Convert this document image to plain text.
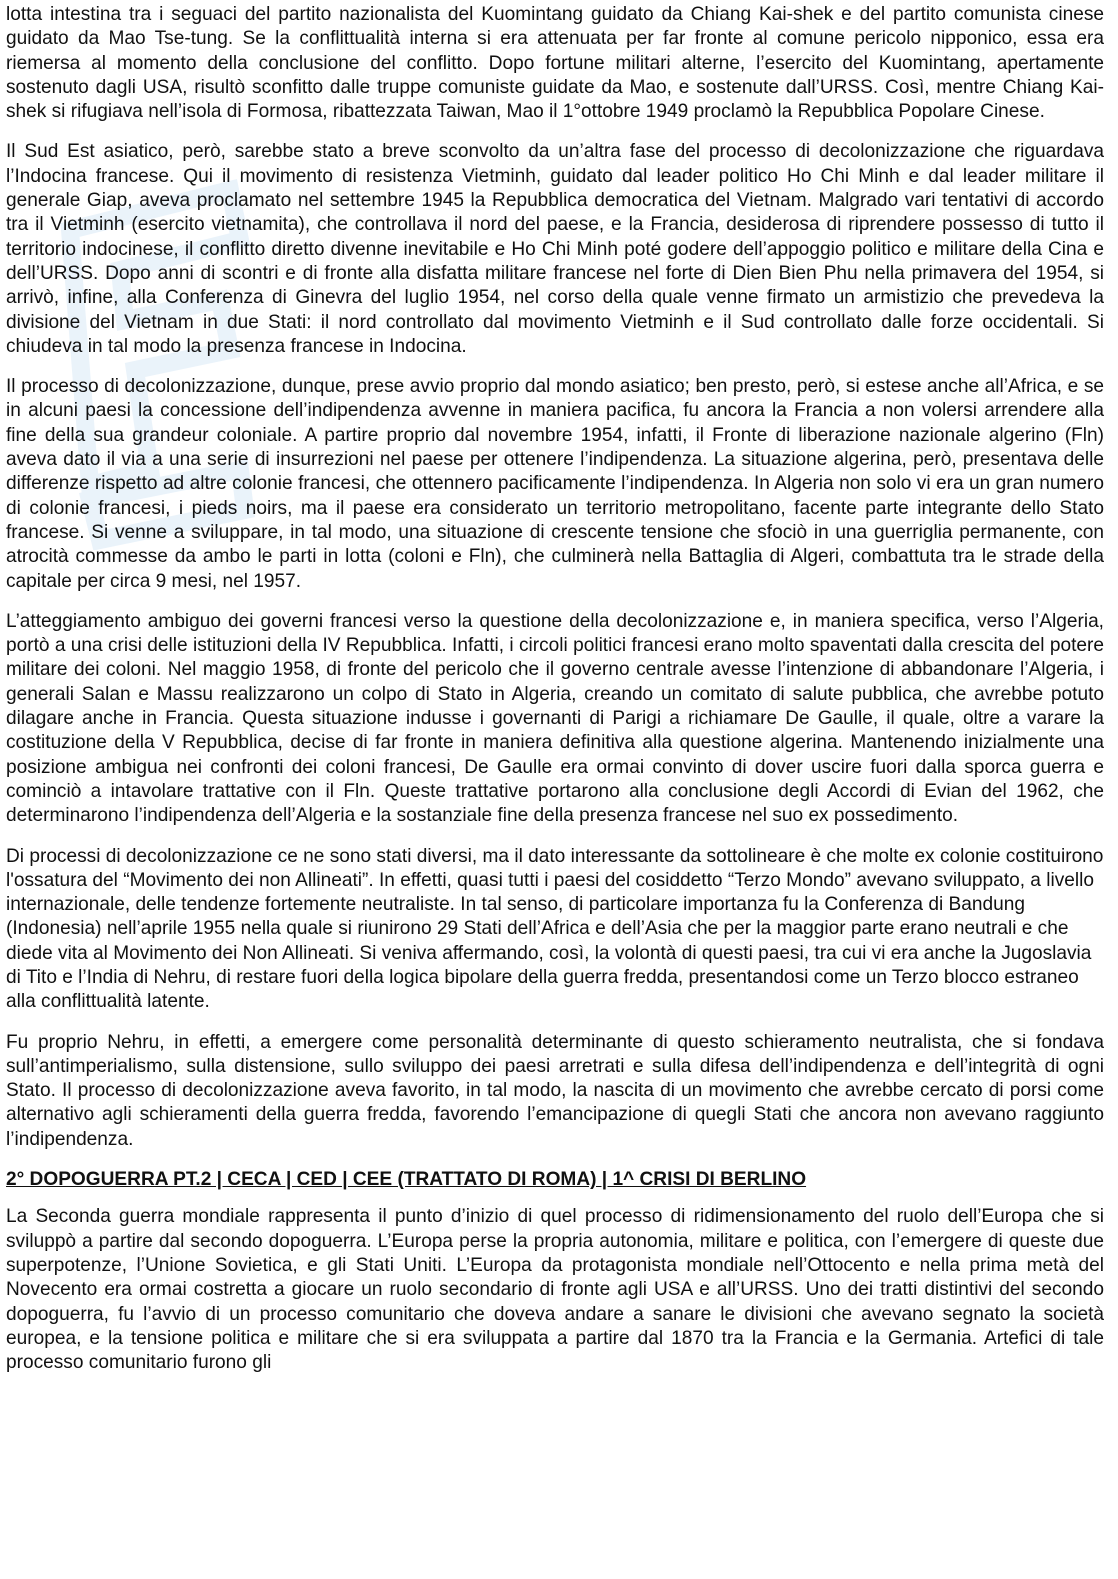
lotta intestina tra i seguaci del partito nazionalista del Kuomintang guidato da Chiang Kai-shek e del partito comunista cinese guidato da Mao Tse-tung. Se la conflittualità interna si era attenuata per far fronte al comune pericolo nipponico, essa era riemersa al momento della conclusione del conflitto. Dopo fortune militari alterne, l’esercito del Kuomintang, apertamente sostenuto dagli USA, risultò sconfitto dalle truppe comuniste guidate da Mao, e sostenute dall’URSS. Così, mentre Chiang Kai-shek si rifugiava nell’isola di Formosa, ribattezzata Taiwan, Mao il 1°ottobre 1949 proclamò la Repubblica Popolare Cinese.

Il Sud Est asiatico, però, sarebbe stato a breve sconvolto da un’altra fase del processo di decolonizzazione che riguardava l’Indocina francese. Qui il movimento di resistenza Vietminh, guidato dal leader politico Ho Chi Minh e dal leader militare il generale Giap, aveva proclamato nel settembre 1945 la Repubblica democratica del Vietnam. Malgrado vari tentativi di accordo tra il Vietminh (esercito vietnamita), che controllava il nord del paese, e la Francia, desiderosa di riprendere possesso di tutto il territorio indocinese, il conflitto diretto divenne inevitabile e Ho Chi Minh poté godere dell’appoggio politico e militare della Cina e dell’URSS. Dopo anni di scontri e di fronte alla disfatta militare francese nel forte di Dien Bien Phu nella primavera del 1954, si arrivò, infine, alla Conferenza di Ginevra del luglio 1954, nel corso della quale venne firmato un armistizio che prevedeva la divisione del Vietnam in due Stati: il nord controllato dal movimento Vietminh e il Sud controllato dalle forze occidentali. Si chiudeva in tal modo la presenza francese in Indocina.

Il processo di decolonizzazione, dunque, prese avvio proprio dal mondo asiatico; ben presto, però, si estese anche all’Africa, e se in alcuni paesi la concessione dell’indipendenza avvenne in maniera pacifica, fu ancora la Francia a non volersi arrendere alla fine della sua grandeur coloniale. A partire proprio dal novembre 1954, infatti, il Fronte di liberazione nazionale algerino (Fln) aveva dato il via a una serie di insurrezioni nel paese per ottenere l’indipendenza. La situazione algerina, però, presentava delle differenze rispetto ad altre colonie francesi, che ottennero pacificamente l’indipendenza. In Algeria non solo vi era un gran numero di colonie francesi, i pieds noirs, ma il paese era considerato un territorio metropolitano, facente parte integrante dello Stato francese. Si venne a sviluppare, in tal modo, una situazione di crescente tensione che sfociò in una guerriglia permanente, con atrocità commesse da ambo le parti in lotta (coloni e Fln), che culminerà nella Battaglia di Algeri, combattuta tra le strade della capitale per circa 9 mesi, nel 1957.

L’atteggiamento ambiguo dei governi francesi verso la questione della decolonizzazione e, in maniera specifica, verso l’Algeria, portò a una crisi delle istituzioni della IV Repubblica. Infatti, i circoli politici francesi erano molto spaventati dalla crescita del potere militare dei coloni. Nel maggio 1958, di fronte del pericolo che il governo centrale avesse l’intenzione di abbandonare l’Algeria, i generali Salan e Massu realizzarono un colpo di Stato in Algeria, creando un comitato di salute pubblica, che avrebbe potuto dilagare anche in Francia. Questa situazione indusse i governanti di Parigi a richiamare De Gaulle, il quale, oltre a varare la costituzione della V Repubblica, decise di far fronte in maniera definitiva alla questione algerina. Mantenendo inizialmente una posizione ambigua nei confronti dei coloni francesi, De Gaulle era ormai convinto di dover uscire fuori dalla sporca guerra e cominciò a intavolare trattative con il Fln. Queste trattative portarono alla conclusione degli Accordi di Evian del 1962, che determinarono l’indipendenza dell’Algeria e la sostanziale fine della presenza francese nel suo ex possedimento.

Di processi di decolonizzazione ce ne sono stati diversi, ma il dato interessante da sottolineare è che molte ex colonie costituirono l'ossatura del “Movimento dei non Allineati”. In effetti, quasi tutti i paesi del cosiddetto “Terzo Mondo” avevano sviluppato, a livello internazionale, delle tendenze fortemente neutraliste. In tal senso, di particolare importanza fu la Conferenza di Bandung (Indonesia) nell’aprile 1955 nella quale si riunirono 29 Stati dell’Africa e dell’Asia che per la maggior parte erano neutrali e che diede vita al Movimento dei Non Allineati. Si veniva affermando, così, la volontà di questi paesi, tra cui vi era anche la Jugoslavia di Tito e l’India di Nehru, di restare fuori della logica bipolare della guerra fredda, presentandosi come un Terzo blocco estraneo alla conflittualità latente.

Fu proprio Nehru, in effetti, a emergere come personalità determinante di questo schieramento neutralista, che si fondava sull’antimperialismo, sulla distensione, sullo sviluppo dei paesi arretrati e sulla difesa dell’indipendenza e dell’integrità di ogni Stato. Il processo di decolonizzazione aveva favorito, in tal modo, la nascita di un movimento che avrebbe cercato di porsi come alternativo agli schieramenti della guerra fredda, favorendo l’emancipazione di quegli Stati che ancora non avevano raggiunto l’indipendenza.

2° DOPOGUERRA PT.2 | CECA | CED | CEE (TRATTATO DI ROMA) | 1^ CRISI DI BERLINO

La Seconda guerra mondiale rappresenta il punto d’inizio di quel processo di ridimensionamento del ruolo dell’Europa che si sviluppò a partire dal secondo dopoguerra. L’Europa perse la propria autonomia, militare e politica, con l’emergere di queste due superpotenze, l’Unione Sovietica, e gli Stati Uniti. L’Europa da protagonista mondiale nell’Ottocento e nella prima metà del Novecento era ormai costretta a giocare un ruolo secondario di fronte agli USA e all’URSS. Uno dei tratti distintivi del secondo dopoguerra, fu l’avvio di un processo comunitario che doveva andare a sanare le divisioni che avevano segnato la società europea, e la tensione politica e militare che si era sviluppata a partire dal 1870 tra la Francia e la Germania. Artefici di tale processo comunitario furono gli
